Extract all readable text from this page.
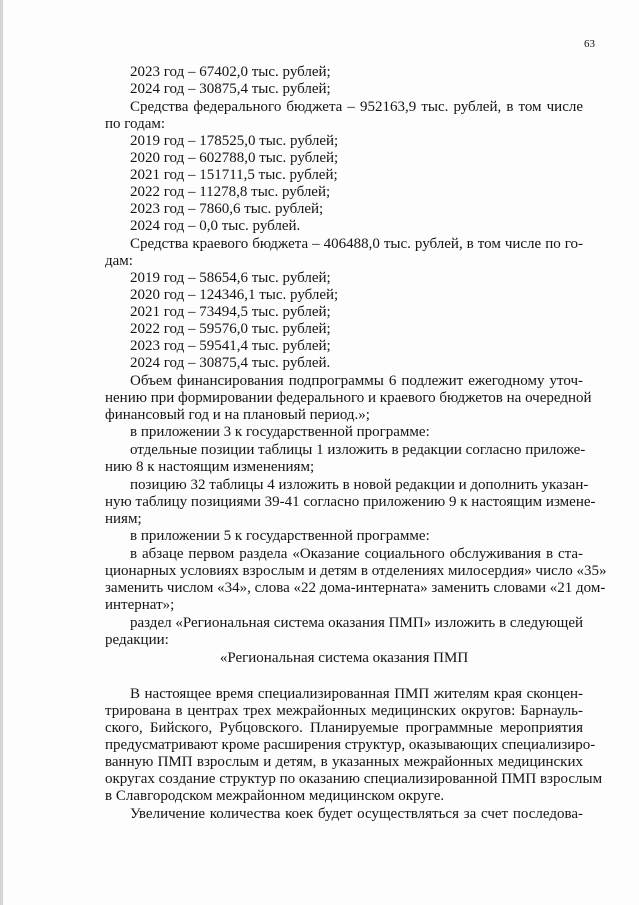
63
2023 год – 67402,0 тыс. рублей;
2024 год – 30875,4 тыс. рублей;
Средства федерального бюджета – 952163,9 тыс. рублей, в том числе
по годам:
2019 год – 178525,0 тыс. рублей;
2020 год – 602788,0 тыс. рублей;
2021 год – 151711,5 тыс. рублей;
2022 год – 11278,8 тыс. рублей;
2023 год – 7860,6 тыс. рублей;
2024 год – 0,0 тыс. рублей.
Средства краевого бюджета – 406488,0 тыс. рублей, в том числе по го-
дам:
2019 год – 58654,6 тыс. рублей;
2020 год – 124346,1 тыс. рублей;
2021 год – 73494,5 тыс. рублей;
2022 год – 59576,0 тыс. рублей;
2023 год – 59541,4 тыс. рублей;
2024 год – 30875,4 тыс. рублей.
Объем финансирования подпрограммы 6 подлежит ежегодному уточ-
нению при формировании федерального и краевого бюджетов на очередной
финансовый год и на плановый период.»;
в приложении 3 к государственной программе:
отдельные позиции таблицы 1 изложить в редакции согласно приложе-
нию 8 к настоящим изменениям;
позицию 32 таблицы 4 изложить в новой редакции и дополнить указан-
ную таблицу позициями 39-41 согласно приложению 9 к настоящим измене-
ниям;
в приложении 5 к государственной программе:
в абзаце первом раздела «Оказание социального обслуживания в ста-
ционарных условиях взрослым и детям в отделениях милосердия» число «35»
заменить числом «34», слова «22 дома-интерната» заменить словами «21 дом-
интернат»;
раздел «Региональная система оказания ПМП» изложить в следующей
редакции:
«Региональная система оказания ПМП
В настоящее время специализированная ПМП жителям края сконцен-
трирована в центрах трех межрайонных медицинских округов: Барнауль-
ского, Бийского, Рубцовского. Планируемые программные мероприятия
предусматривают кроме расширения структур, оказывающих специализиро-
ванную ПМП взрослым и детям, в указанных межрайонных медицинских
округах создание структур по оказанию специализированной ПМП взрослым
в Славгородском межрайонном медицинском округе.
Увеличение количества коек будет осуществляться за счет последова-
